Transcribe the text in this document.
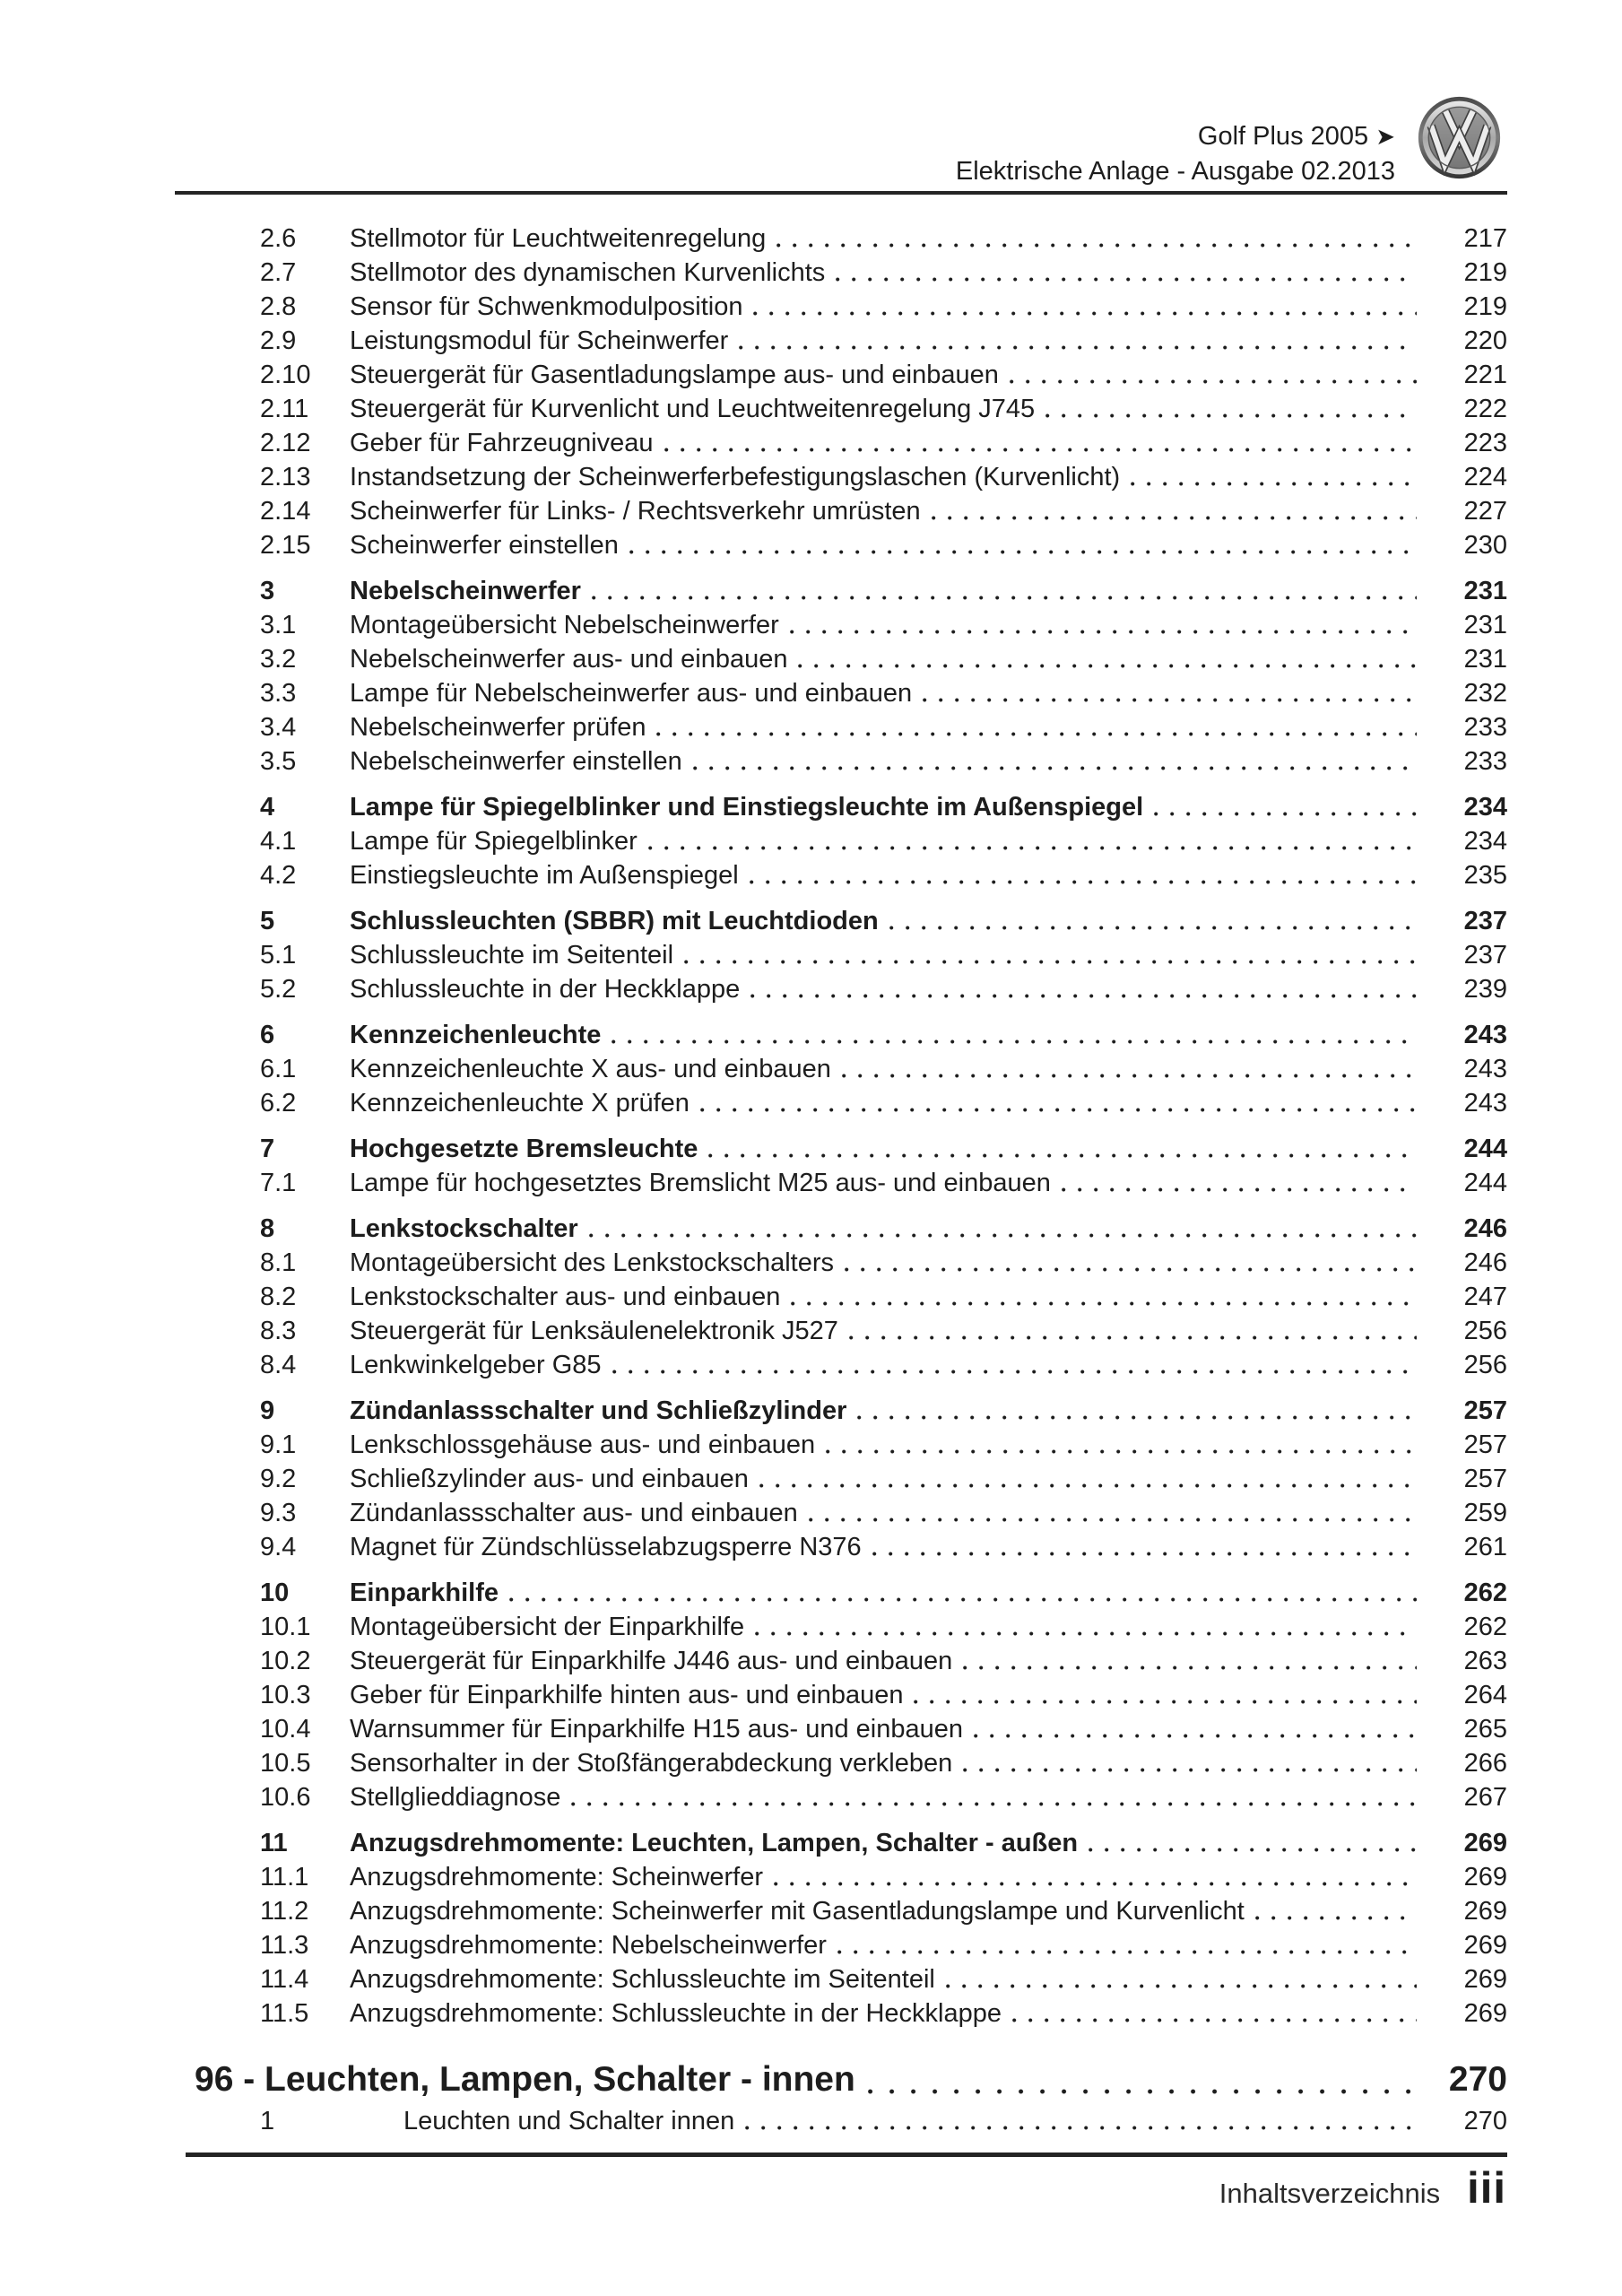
Golf Plus 2005 ➤
Elektrische Anlage - Ausgabe 02.2013
2.6	Stellmotor für Leuchtweitenregelung	217
2.7	Stellmotor des dynamischen Kurvenlichts	219
2.8	Sensor für Schwenkmodulposition	219
2.9	Leistungsmodul für Scheinwerfer	220
2.10	Steuergerät für Gasentladungslampe aus- und einbauen	221
2.11	Steuergerät für Kurvenlicht und Leuchtweitenregelung J745	222
2.12	Geber für Fahrzeugniveau	223
2.13	Instandsetzung der Scheinwerferbefestigungslaschen (Kurvenlicht)	224
2.14	Scheinwerfer für Links- / Rechtsverkehr umrüsten	227
2.15	Scheinwerfer einstellen	230
3	Nebelscheinwerfer	231
3.1	Montageübersicht Nebelscheinwerfer	231
3.2	Nebelscheinwerfer aus- und einbauen	231
3.3	Lampe für Nebelscheinwerfer aus- und einbauen	232
3.4	Nebelscheinwerfer prüfen	233
3.5	Nebelscheinwerfer einstellen	233
4	Lampe für Spiegelblinker und Einstiegsleuchte im Außenspiegel	234
4.1	Lampe für Spiegelblinker	234
4.2	Einstiegsleuchte im Außenspiegel	235
5	Schlussleuchten (SBBR) mit Leuchtdioden	237
5.1	Schlussleuchte im Seitenteil	237
5.2	Schlussleuchte in der Heckklappe	239
6	Kennzeichenleuchte	243
6.1	Kennzeichenleuchte X aus- und einbauen	243
6.2	Kennzeichenleuchte X prüfen	243
7	Hochgesetzte Bremsleuchte	244
7.1	Lampe für hochgesetztes Bremslicht M25 aus- und einbauen	244
8	Lenkstockschalter	246
8.1	Montageübersicht des Lenkstockschalters	246
8.2	Lenkstockschalter aus- und einbauen	247
8.3	Steuergerät für Lenksäulenelektronik J527	256
8.4	Lenkwinkelgeber G85	256
9	Zündanlassschalter und Schließzylinder	257
9.1	Lenkschlossgehäuse aus- und einbauen	257
9.2	Schließzylinder aus- und einbauen	257
9.3	Zündanlassschalter aus- und einbauen	259
9.4	Magnet für Zündschlüsselabzugsperre N376	261
10	Einparkhilfe	262
10.1	Montageübersicht der Einparkhilfe	262
10.2	Steuergerät für Einparkhilfe J446 aus- und einbauen	263
10.3	Geber für Einparkhilfe hinten aus- und einbauen	264
10.4	Warnsummer für Einparkhilfe H15 aus- und einbauen	265
10.5	Sensorhalter in der Stoßfängerabdeckung verkleben	266
10.6	Stellglieddiagnose	267
11	Anzugsdrehmomente: Leuchten, Lampen, Schalter - außen	269
11.1	Anzugsdrehmomente: Scheinwerfer	269
11.2	Anzugsdrehmomente: Scheinwerfer mit Gasentladungslampe und Kurvenlicht	269
11.3	Anzugsdrehmomente: Nebelscheinwerfer	269
11.4	Anzugsdrehmomente: Schlussleuchte im Seitenteil	269
11.5	Anzugsdrehmomente: Schlussleuchte in der Heckklappe	269
96 - Leuchten, Lampen, Schalter - innen	270
1	Leuchten und Schalter innen	270
Inhaltsverzeichnis iii
